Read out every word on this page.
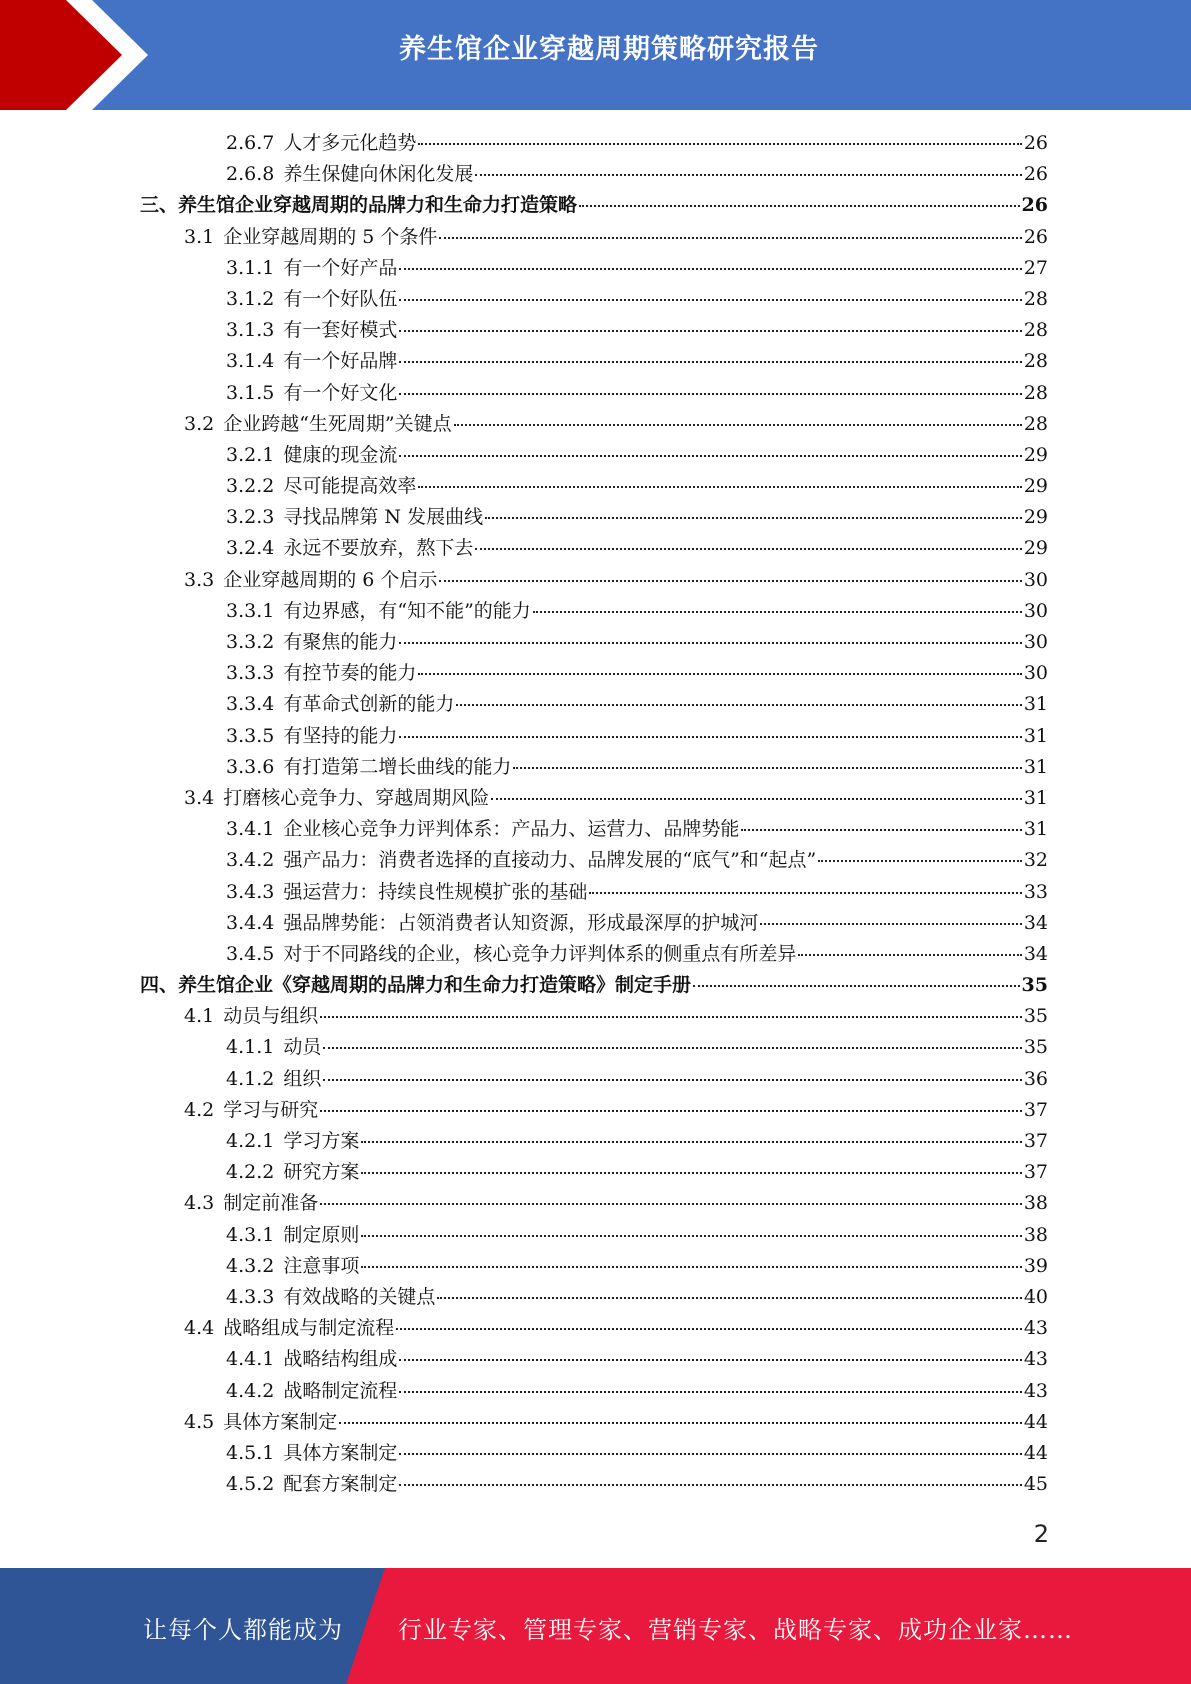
养生馆企业穿越周期策略研究报告
2.6.7 人才多元化趋势	26
2.6.8 养生保健向休闲化发展	26
三、 养生馆企业穿越周期的品牌力和生命力打造策略	26
3.1 企业穿越周期的 5 个条件	26
3.1.1 有一个好产品	27
3.1.2 有一个好队伍	28
3.1.3 有一套好模式	28
3.1.4 有一个好品牌	28
3.1.5 有一个好文化	28
3.2 企业跨越“生死周期”关键点	28
3.2.1 健康的现金流	29
3.2.2 尽可能提高效率	29
3.2.3 寻找品牌第 N 发展曲线	29
3.2.4 永远不要放弃，熬下去	29
3.3 企业穿越周期的 6 个启示	30
3.3.1 有边界感，有“知不能”的能力	30
3.3.2 有聚焦的能力	30
3.3.3 有控节奏的能力	30
3.3.4 有革命式创新的能力	31
3.3.5 有坚持的能力	31
3.3.6 有打造第二增长曲线的能力	31
3.4 打磨核心竞争力、穿越周期风险	31
3.4.1 企业核心竞争力评判体系：产品力、运营力、品牌势能	31
3.4.2 强产品力：消费者选择的直接动力、品牌发展的“底气”和“起点”	32
3.4.3 强运营力：持续良性规模扩张的基础	33
3.4.4 强品牌势能：占领消费者认知资源，形成最深厚的护城河	34
3.4.5 对于不同路线的企业，核心竞争力评判体系的侧重点有所差异	34
四、 养生馆企业《穿越周期的品牌力和生命力打造策略》制定手册	35
4.1 动员与组织	35
4.1.1 动员	35
4.1.2 组织	36
4.2 学习与研究	37
4.2.1 学习方案	37
4.2.2 研究方案	37
4.3 制定前准备	38
4.3.1 制定原则	38
4.3.2 注意事项	39
4.3.3 有效战略的关键点	40
4.4 战略组成与制定流程	43
4.4.1 战略结构组成	43
4.4.2 战略制定流程	43
4.5 具体方案制定	44
4.5.1 具体方案制定	44
4.5.2 配套方案制定	45
2
让每个人都能成为 行业专家、管理专家、营销专家、战略专家、成功企业家……
